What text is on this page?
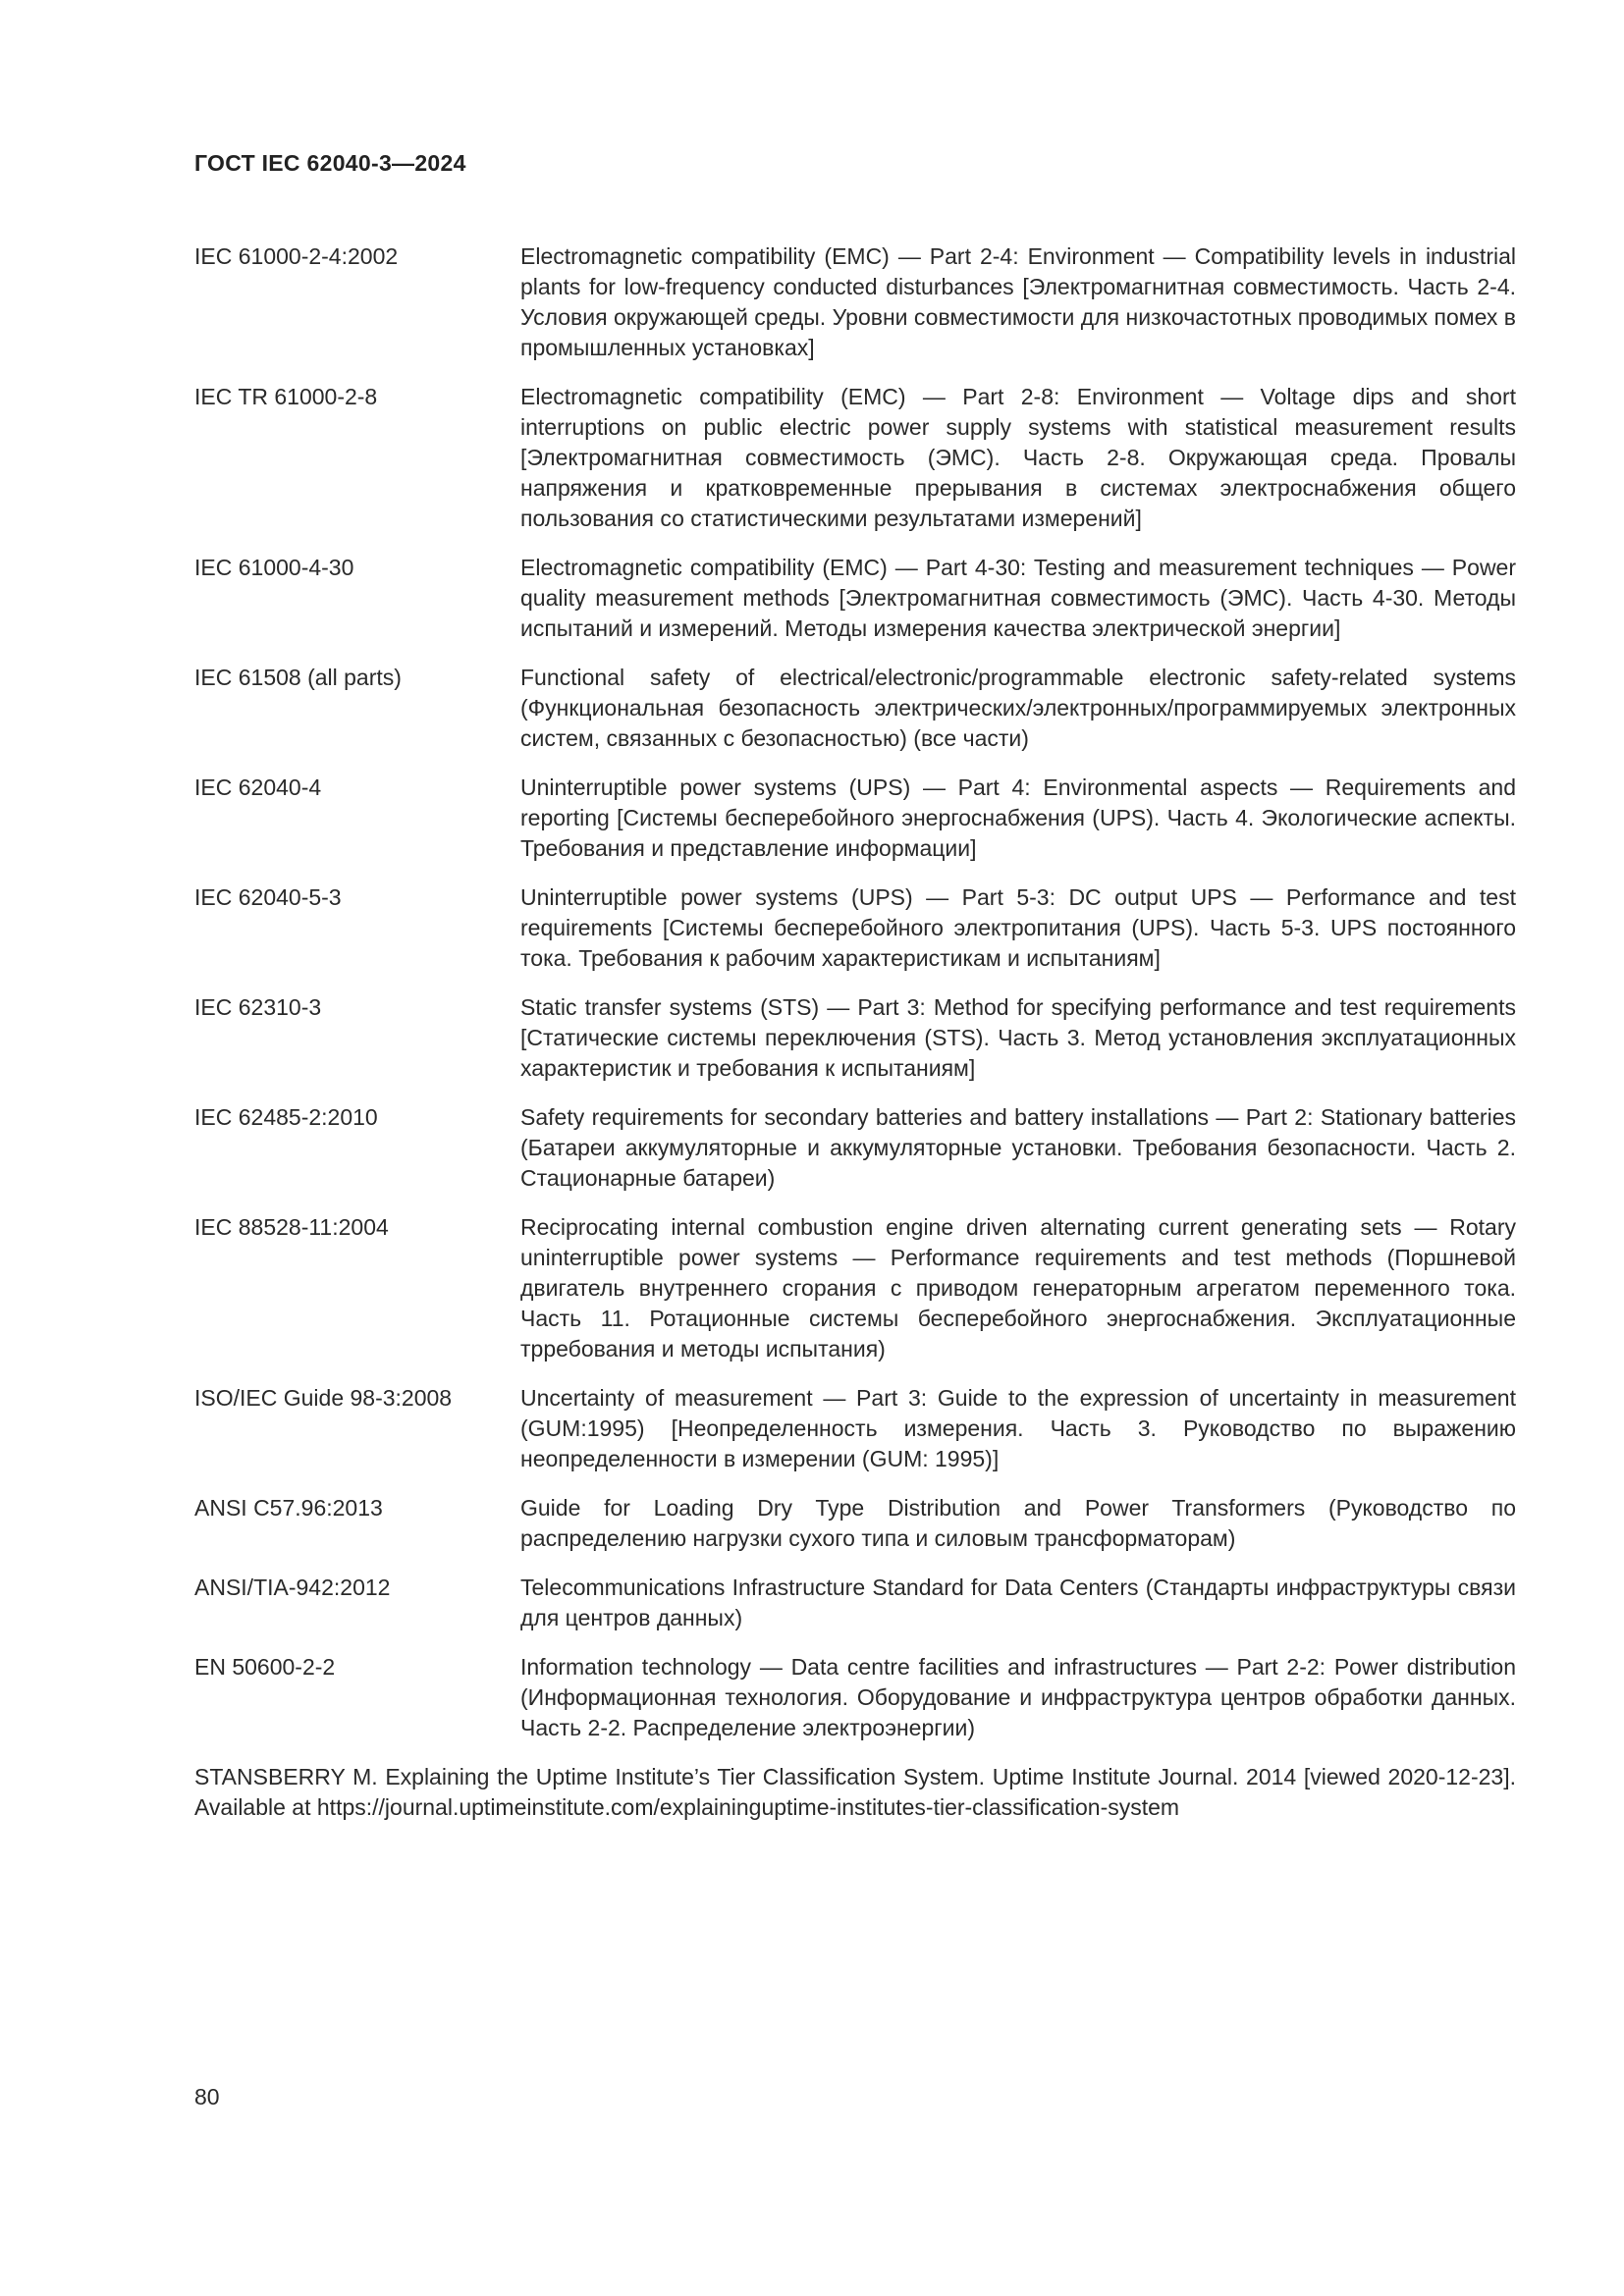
ГОСТ IEC 62040-3—2024
IEC 61000-2-4:2002	Electromagnetic compatibility (EMC) — Part 2-4: Environment — Compatibility levels in industrial plants for low-frequency conducted disturbances [Электромагнитная совместимость. Часть 2-4. Условия окружающей среды. Уровни совместимости для низкочастотных проводимых помех в промышленных установках]
IEC TR 61000-2-8	Electromagnetic compatibility (EMC) — Part 2-8: Environment — Voltage dips and short interruptions on public electric power supply systems with statistical measurement results [Электромагнитная совместимость (ЭМС). Часть 2-8. Окружающая среда. Провалы напряжения и кратковременные прерывания в системах электроснабжения общего пользования со статистическими результатами измерений]
IEC 61000-4-30	Electromagnetic compatibility (EMC) — Part 4-30: Testing and measurement techniques — Power quality measurement methods [Электромагнитная совместимость (ЭМС). Часть 4-30. Методы испытаний и измерений. Методы измерения качества электрической энергии]
IEC 61508 (all parts)	Functional safety of electrical/electronic/programmable electronic safety-related systems (Функциональная безопасность электрических/электронных/программируемых электронных систем, связанных с безопасностью) (все части)
IEC 62040-4	Uninterruptible power systems (UPS) — Part 4: Environmental aspects — Requirements and reporting [Системы бесперебойного энергоснабжения (UPS). Часть 4. Экологические аспекты. Требования и представление информации]
IEC 62040-5-3	Uninterruptible power systems (UPS) — Part 5-3: DC output UPS — Performance and test requirements [Системы бесперебойного электропитания (UPS). Часть 5-3. UPS постоянного тока. Требования к рабочим характеристикам и испытаниям]
IEC 62310-3	Static transfer systems (STS) — Part 3: Method for specifying performance and test requirements [Статические системы переключения (STS). Часть 3. Метод установления эксплуатационных характеристик и требования к испытаниям]
IEC 62485-2:2010	Safety requirements for secondary batteries and battery installations — Part 2: Stationary batteries (Батареи аккумуляторные и аккумуляторные установки. Требования безопасности. Часть 2. Стационарные батареи)
IEC 88528-11:2004	Reciprocating internal combustion engine driven alternating current generating sets — Rotary uninterruptible power systems — Performance requirements and test methods (Поршневой двигатель внутреннего сгорания с приводом генераторным агрегатом переменного тока. Часть 11. Ротационные системы бесперебойного энергоснабжения. Эксплуатационные трребования и методы испытания)
ISO/IEC Guide 98-3:2008	Uncertainty of measurement — Part 3: Guide to the expression of uncertainty in measurement (GUM:1995) [Неопределенность измерения. Часть 3. Руководство по выражению неопределенности в измерении (GUM: 1995)]
ANSI C57.96:2013	Guide for Loading Dry Type Distribution and Power Transformers (Руководство по распределению нагрузки сухого типа и силовым трансформаторам)
ANSI/TIA-942:2012	Telecommunications Infrastructure Standard for Data Centers (Стандарты инфраструктуры связи для центров данных)
EN 50600-2-2	Information technology — Data centre facilities and infrastructures — Part 2-2: Power distribution (Информационная технология. Оборудование и инфраструктура центров обработки данных. Часть 2-2. Распределение электроэнергии)
STANSBERRY M. Explaining the Uptime Institute’s Tier Classification System. Uptime Institute Journal. 2014 [viewed 2020-12-23]. Available at https://journal.uptimeinstitute.com/explaininguptime-institutes-tier-classification-system
80
